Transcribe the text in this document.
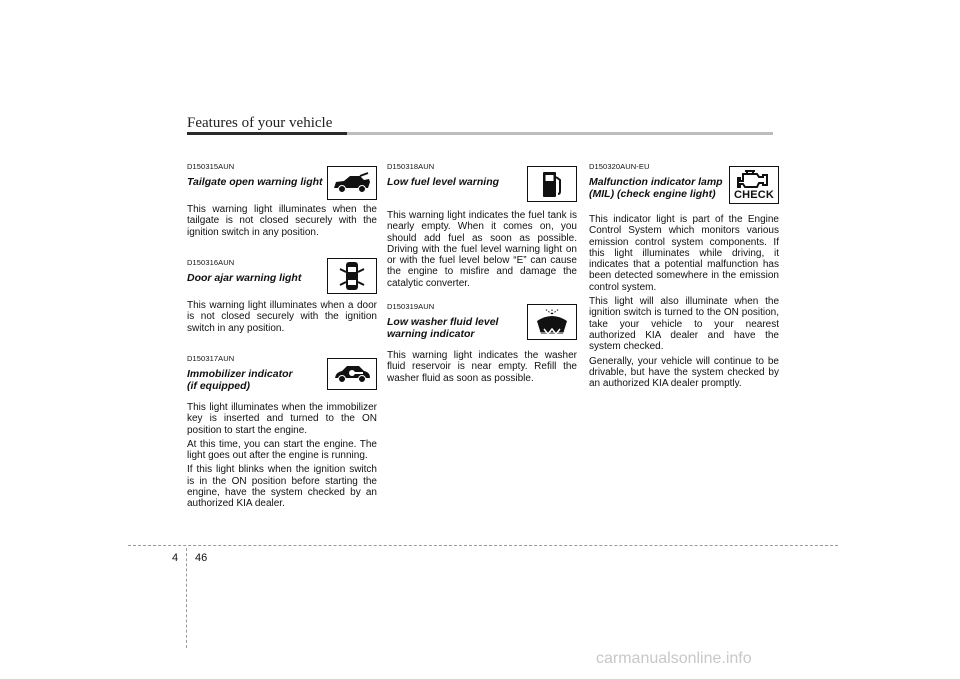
Features of your vehicle
D150315AUN
Tailgate open warning light

This warning light illuminates when the tailgate is not closed securely with the ignition switch in any position.

D150316AUN
Door ajar warning light

This warning light illuminates when a door is not closed securely with the ignition switch in any position.

D150317AUN
Immobilizer indicator (if equipped)

This light illuminates when the immobilizer key is inserted and turned to the ON position to start the engine.

At this time, you can start the engine. The light goes out after the engine is running.

If this light blinks when the ignition switch is in the ON position before starting the engine, have the system checked by an authorized KIA dealer.

D150318AUN
Low fuel level warning

This warning light indicates the fuel tank is nearly empty. When it comes on, you should add fuel as soon as possible. Driving with the fuel level warning light on or with the fuel level below “E” can cause the engine to misfire and damage the catalytic converter.

D150319AUN
Low washer fluid level warning indicator

This warning light indicates the washer fluid reservoir is near empty. Refill the washer fluid as soon as possible.

CHECK
D150320AUN-EU
Malfunction indicator lamp (MIL) (check engine light)

This indicator light is part of the Engine Control System which monitors various emission control system components. If this light illuminates while driving, it indicates that a potential malfunction has been detected somewhere in the emission control system.

This light will also illuminate when the ignition switch is turned to the ON position, take your vehicle to your nearest authorized KIA dealer and have the system checked.

Generally, your vehicle will continue to be drivable, but have the system checked by an authorized KIA dealer promptly.

4 46
carmanualsonline.info
